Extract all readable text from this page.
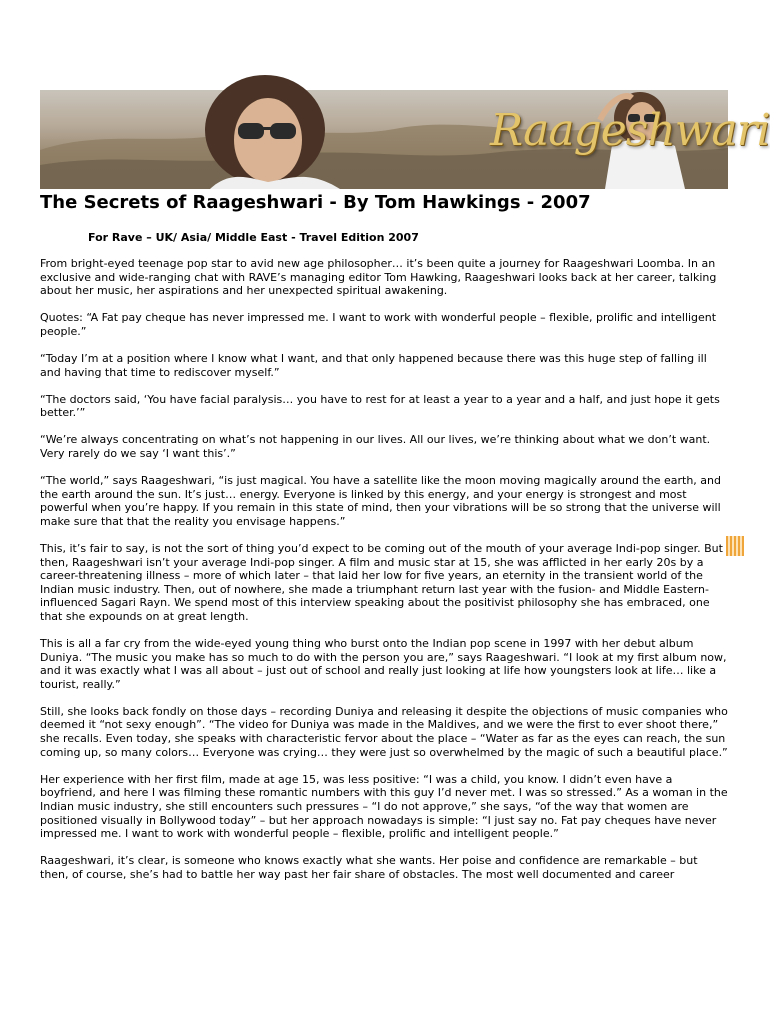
Raageshwari
The Secrets of Raageshwari - By Tom Hawkings - 2007
For Rave – UK/ Asia/ Middle East - Travel Edition 2007

From bright-eyed teenage pop star to avid new age philosopher… it’s been quite a journey for Raageshwari Loomba. In an exclusive and wide-ranging chat with RAVE’s managing editor Tom Hawking, Raageshwari looks back at her career, talking about her music, her aspirations and her unexpected spiritual awakening.

Quotes: “A Fat pay cheque has never impressed me. I want to work with wonderful people – flexible, prolific and intelligent people.”

“Today I’m at a position where I know what I want, and that only happened because there was this huge step of falling ill and having that time to rediscover myself.”

“The doctors said, ‘You have facial paralysis… you have to rest for at least a year to a year and a half, and just hope it gets better.’”

“We’re always concentrating on what’s not happening in our lives. All our lives, we’re thinking about what we don’t want. Very rarely do we say ‘I want this’.”

“The world,” says Raageshwari, “is just magical. You have a satellite like the moon moving magically around the earth, and the earth around the sun. It’s just… energy. Everyone is linked by this energy, and your energy is strongest and most powerful when you’re happy. If you remain in this state of mind, then your vibrations will be so strong that the universe will make sure that that the reality you envisage happens.”

This, it’s fair to say, is not the sort of thing you’d expect to be coming out of the mouth of your average Indi-pop singer. But then, Raageshwari isn’t your average Indi-pop singer. A film and music star at 15, she was afflicted in her early 20s by a career-threatening illness – more of which later – that laid her low for five years, an eternity in the transient world of the Indian music industry. Then, out of nowhere, she made a triumphant return last year with the fusion- and Middle Eastern-influenced Sagari Rayn. We spend most of this interview speaking about the positivist philosophy she has embraced, one that she expounds on at great length.

This is all a far cry from the wide-eyed young thing who burst onto the Indian pop scene in 1997 with her debut album Duniya. “The music you make has so much to do with the person you are,” says Raageshwari. “I look at my first album now, and it was exactly what I was all about – just out of school and really just looking at life how youngsters look at life… like a tourist, really.”

Still, she looks back fondly on those days – recording Duniya and releasing it despite the objections of music companies who deemed it “not sexy enough”. “The video for Duniya was made in the Maldives, and we were the first to ever shoot there,” she recalls. Even today, she speaks with characteristic fervor about the place – “Water as far as the eyes can reach, the sun coming up, so many colors… Everyone was crying… they were just so overwhelmed by the magic of such a beautiful place.”

Her experience with her first film, made at age 15, was less positive: “I was a child, you know. I didn’t even have a boyfriend, and here I was filming these romantic numbers with this guy I’d never met. I was so stressed.” As a woman in the Indian music industry, she still encounters such pressures – “I do not approve,” she says, “of the way that women are positioned visually in Bollywood today” – but her approach nowadays is simple: “I just say no. Fat pay cheques have never impressed me. I want to work with wonderful people – flexible, prolific and intelligent people.”

Raageshwari, it’s clear, is someone who knows exactly what she wants. Her poise and confidence are remarkable – but then, of course, she’s had to battle her way past her fair share of obstacles. The most well documented and career
